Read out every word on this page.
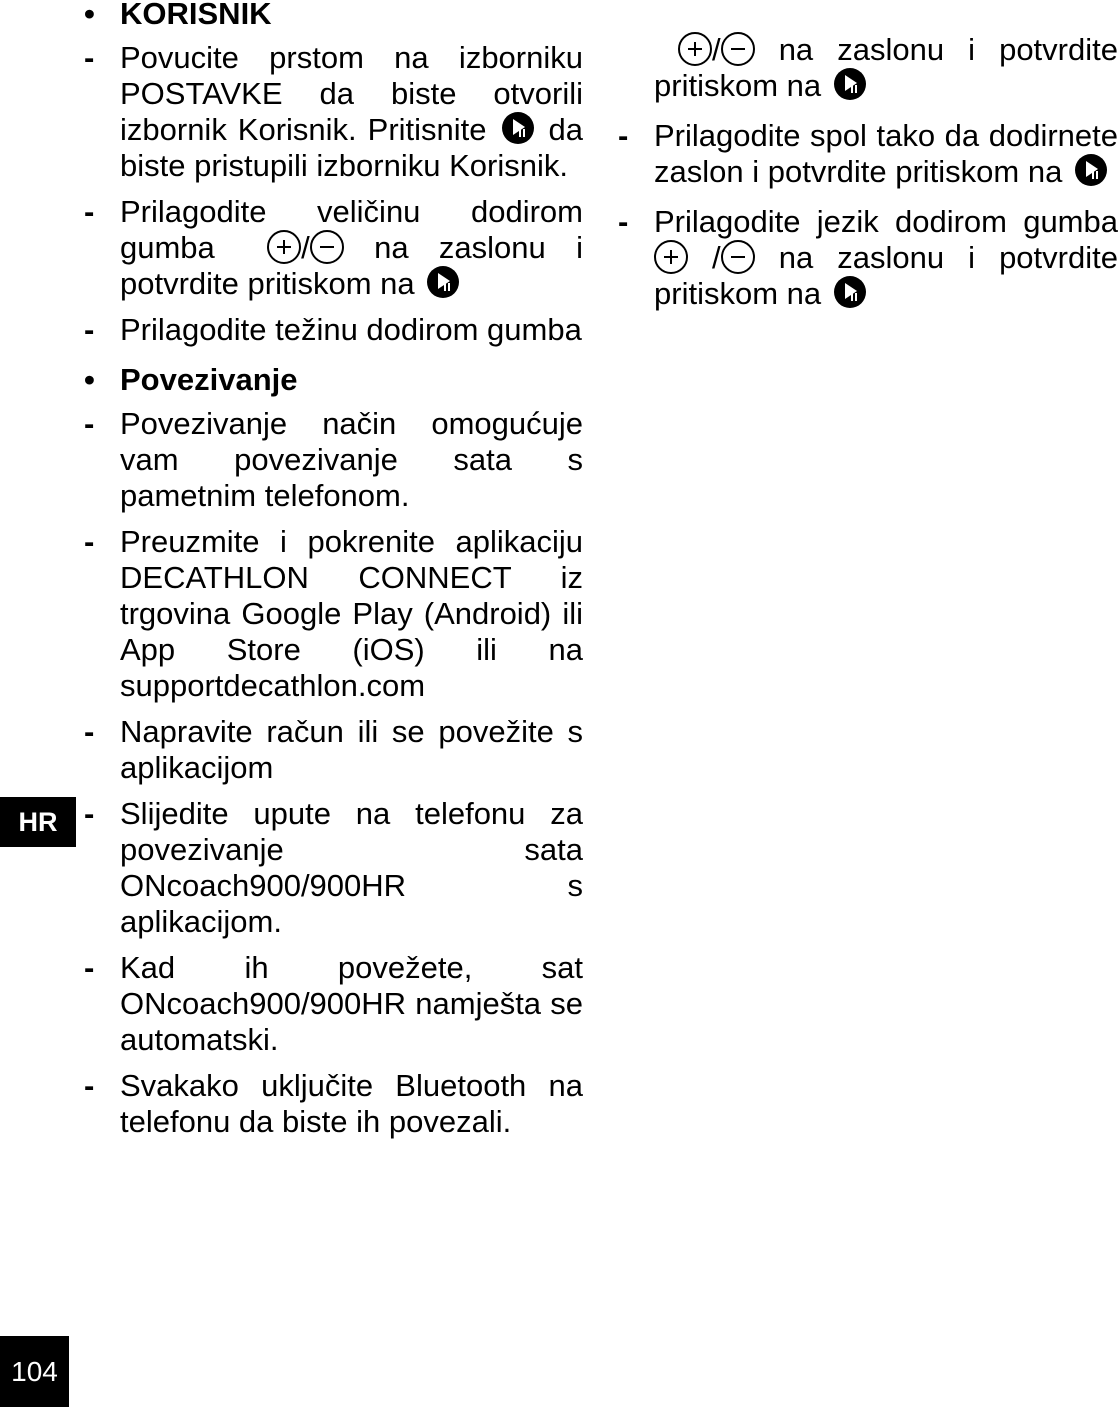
• KORISNIK
- Povucite prstom na izborniku POSTAVKE da biste otvorili izbornik Korisnik. Pritisnite da biste pristupili izborniku Korisnik.
- Prilagodite veličinu dodirom gumba	/ na zaslonu i potvrdite pritiskom na
- Prilagodite težinu dodirom gumba
• Povezivanje
- Povezivanje način omogućuje vam povezivanje sata s pametnim telefonom.
- Preuzmite i pokrenite aplikaciju DECATHLON CONNECT iz trgovina Google Play (Android) ili App Store (iOS) ili na supportdecathlon.com
- Napravite račun ili se povežite s aplikacijom
- Slijedite upute na telefonu za povezivanje sata ONcoach900/900HR s aplikacijom.
- Kad ih povežete, sat ONcoach900/900HR namješta se automatski.
- Svakako uključite Bluetooth na telefonu da biste ih povezali.
/ na zaslonu i potvrdite pritiskom na
- Prilagodite spol tako da dodirnete zaslon i potvrdite pritiskom na
- Prilagodite jezik dodirom gumba  / na zaslonu i potvrdite pritiskom na
HR
104
